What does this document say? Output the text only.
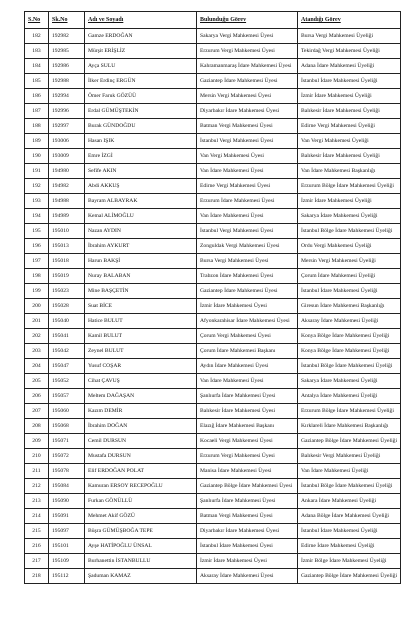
S.No	Sk.No	Adı ve Soyadı	Bulunduğu Görev	Atandığı Görev
182	192982	Gamze ERDOĞAN	Sakarya Vergi Mahkemesi Üyesi	Bursa Vergi Mahkemesi Üyeliği
183	192985	Mürşit ERİŞLİZ	Erzurum Vergi Mahkemesi Üyesi	Tekirdağ Vergi Mahkemesi Üyeliği
184	192986	Ayça SULU	Kahramanmaraş İdare Mahkemesi Üyesi	Adana İdare Mahkemesi Üyeliği
185	192988	İlker Erdinç ERGÜN	Gaziantep İdare Mahkemesi Üyesi	İstanbul İdare Mahkemesi Üyeliği
186	192994	Ömer Faruk GÖZÜÜ	Mersin Vergi Mahkemesi Üyesi	İzmir İdare Mahkemesi Üyeliği
187	192996	Erdal GÜMÜŞTEKİN	Diyarbakır İdare Mahkemesi Üyesi	Balıkesir İdare Mahkemesi Üyeliği
188	192997	Burak GÜNDOĞDU	Batman Vergi Mahkemesi Üyesi	Edirne Vergi Mahkemesi Üyeliği
189	193006	Hasan IŞIK	İstanbul Vergi Mahkemesi Üyesi	Van Vergi Mahkemesi Üyeliği
190	193009	Emre İZGİ	Van Vergi Mahkemesi Üyesi	Balıkesir İdare Mahkemesi Üyeliği
191	194980	Sefife AKIN	Van İdare Mahkemesi Üyesi	Van İdare Mahkemesi Başkanlığı
192	194982	Abdi AKKUŞ	Edirne Vergi Mahkemesi Üyesi	Erzurum Bölge İdare Mahkemesi Üyeliği
193	194988	Bayram ALBAYRAK	Erzurum İdare Mahkemesi Üyesi	İzmir İdare Mahkemesi Üyeliği
194	194989	Kemal ALİMOĞLU	Van İdare Mahkemesi Üyesi	Sakarya İdare Mahkemesi Üyeliği
195	195010	Nazan AYDIN	İstanbul Vergi Mahkemesi Üyesi	İstanbul Bölge İdare Mahkemesi Üyeliği
196	195013	İbrahim AYKURT	Zonguldak Vergi Mahkemesi Üyesi	Ordu Vergi Mahkemesi Üyeliği
197	195018	Harun BAKŞİ	Bursa Vergi Mahkemesi Üyesi	Mersin Vergi Mahkemesi Üyeliği
198	195019	Nuray BALABAN	Trabzon İdare Mahkemesi Üyesi	Çorum İdare Mahkemesi Üyeliği
199	195023	Mine BAŞÇETİN	Gaziantep İdare Mahkemesi Üyesi	İstanbul İdare Mahkemesi Üyeliği
200	195028	Suat BİCE	İzmir İdare Mahkemesi Üyesi	Giresun İdare Mahkemesi Başkanlığı
201	195040	Hatice BULUT	Afyonkarahisar İdare Mahkemesi Üyesi	Aksaray İdare Mahkemesi Üyeliği
202	195041	Kamil BULUT	Çorum Vergi Mahkemesi Üyesi	Konya Bölge İdare Mahkemesi Üyeliği
203	195042	Zeynel BULUT	Çorum İdare Mahkemesi Başkanı	Konya Bölge İdare Mahkemesi Üyeliği
204	195047	Yusuf COŞAR	Aydın İdare Mahkemesi Üyesi	İstanbul Bölge İdare Mahkemesi Üyeliği
205	195052	Cihat ÇAVUŞ	Van İdare Mahkemesi Üyesi	Sakarya İdare Mahkemesi Üyeliği
206	195057	Meltem DAĞAŞAN	Şanlıurfa İdare Mahkemesi Üyesi	Antalya İdare Mahkemesi Üyeliği
207	195060	Kazım DEMİR	Balıkesir İdare Mahkemesi Üyesi	Erzurum Bölge İdare Mahkemesi Üyeliği
208	195068	İbrahim DOĞAN	Elazığ İdare Mahkemesi Başkanı	Kırklareli İdare Mahkemesi Başkanlığı
209	195071	Cemil DURSUN	Kocaeli Vergi Mahkemesi Üyesi	Gaziantep Bölge İdare Mahkemesi Üyeliği
210	195072	Mustafa DURSUN	Erzurum Vergi Mahkemesi Üyesi	Balıkesir Vergi Mahkemesi Üyeliği
211	195078	Elif ERDOĞAN POLAT	Manisa İdare Mahkemesi Üyesi	Van İdare Mahkemesi Üyeliği
212	195084	Kamuran ERSOY RECEPOĞLU	Gaziantep Bölge İdare Mahkemesi Üyesi	İstanbul Bölge İdare Mahkemesi Üyeliği
213	195090	Furkan GÖNÜLLÜ	Şanlıurfa İdare Mahkemesi Üyesi	Ankara İdare Mahkemesi Üyeliği
214	195091	Mehmet Akif GÖZÜ	Batman Vergi Mahkemesi Üyesi	Adana Bölge İdare Mahkemesi Üyeliği
215	195097	Büşra GÜMÜŞBOĞA TEPE	Diyarbakır İdare Mahkemesi Üyesi	İstanbul İdare Mahkemesi Üyeliği
216	195101	Ayşe HATİPOĞLU ÜNSAL	İstanbul İdare Mahkemesi Üyesi	Edirne İdare Mahkemesi Üyeliği
217	195109	Burhanettin İSTANBULLU	İzmir İdare Mahkemesi Üyesi	İzmir Bölge İdare Mahkemesi Üyeliği
218	195112	Şaduman KAMAZ	Aksaray İdare Mahkemesi Üyesi	Gaziantep Bölge İdare Mahkemesi Üyeliği
